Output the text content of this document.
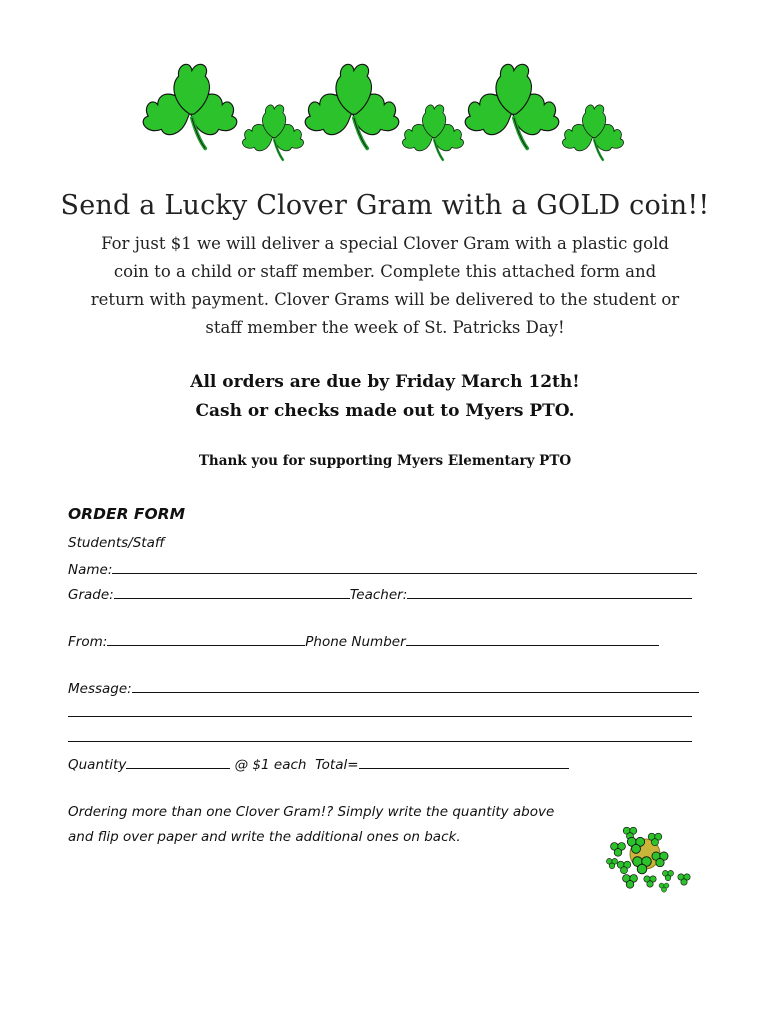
Send a Lucky Clover Gram with a GOLD coin!!
For just $1 we will deliver a special Clover Gram with a plastic gold
coin to a child or staff member. Complete this attached form and
return with payment. Clover Grams will be delivered to the student or
staff member the week of St. Patricks Day!
All orders are due by Friday March 12th!
Cash or checks made out to Myers PTO.
Thank you for supporting Myers Elementary PTO
ORDER FORM
Students/Staff
Name:
Grade:	Teacher:
From:	Phone Number
Message:
Quantity	@ $1 each Total=
Ordering more than one Clover Gram!? Simply write the quantity above
and flip over paper and write the additional ones on back.
